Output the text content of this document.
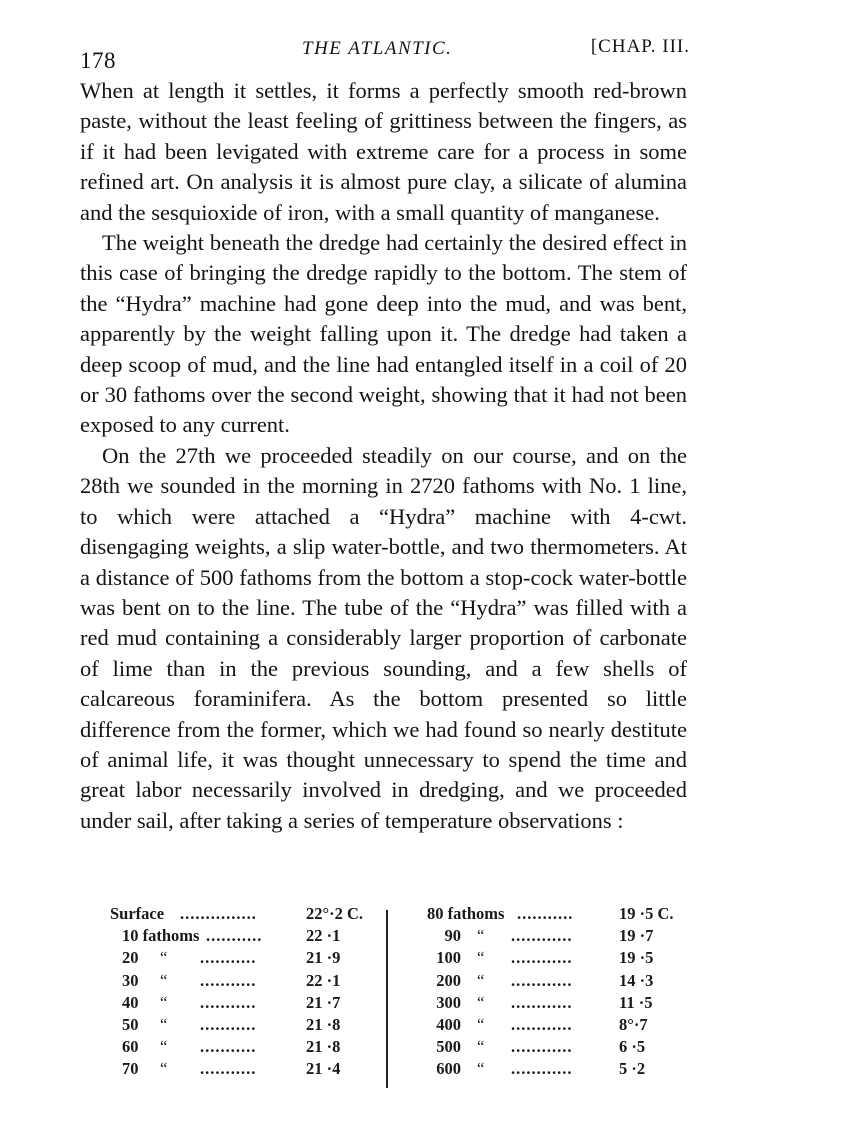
178	THE ATLANTIC.	[CHAP. III.

When at length it settles, it forms a perfectly smooth red-brown paste, without the least feeling of grittiness between the fingers, as if it had been levigated with extreme care for a process in some refined art. On analysis it is almost pure clay, a silicate of alumina and the sesquioxide of iron, with a small quantity of manganese.

The weight beneath the dredge had certainly the desired effect in this case of bringing the dredge rapidly to the bottom. The stem of the “Hydra” machine had gone deep into the mud, and was bent, apparently by the weight falling upon it. The dredge had taken a deep scoop of mud, and the line had entangled itself in a coil of 20 or 30 fathoms over the second weight, showing that it had not been exposed to any current.

On the 27th we proceeded steadily on our course, and on the 28th we sounded in the morning in 2720 fathoms with No. 1 line, to which were attached a “Hydra” machine with 4-cwt. disengaging weights, a slip water-bottle, and two thermometers. At a distance of 500 fathoms from the bottom a stop-cock water-bottle was bent on to the line. The tube of the “Hydra” was filled with a red mud containing a considerably larger proportion of carbonate of lime than in the previous sounding, and a few shells of calcareous foraminifera. As the bottom presented so little difference from the former, which we had found so nearly destitute of animal life, it was thought unnecessary to spend the time and great labor necessarily involved in dredging, and we proceeded under sail, after taking a series of temperature observations :

Surface ...............	22°·2 C.
10 fathoms ...........	22 ·1
20 “ ...........	21 ·9
30 “ ...........	22 ·1
40 “ ...........	21 ·7
50 “ ...........	21 ·8
60 “ ...........	21 ·8
70 “ ...........	21 ·4
80 fathoms ...........	19 ·5 C.
90 “ ............	19 ·7
100 “ ............	19 ·5
200 “ ............	14 ·3
300 “ ............	11 ·5
400 “ ............	8°·7
500 “ ............	6 ·5
600 “ ............	5 ·2
